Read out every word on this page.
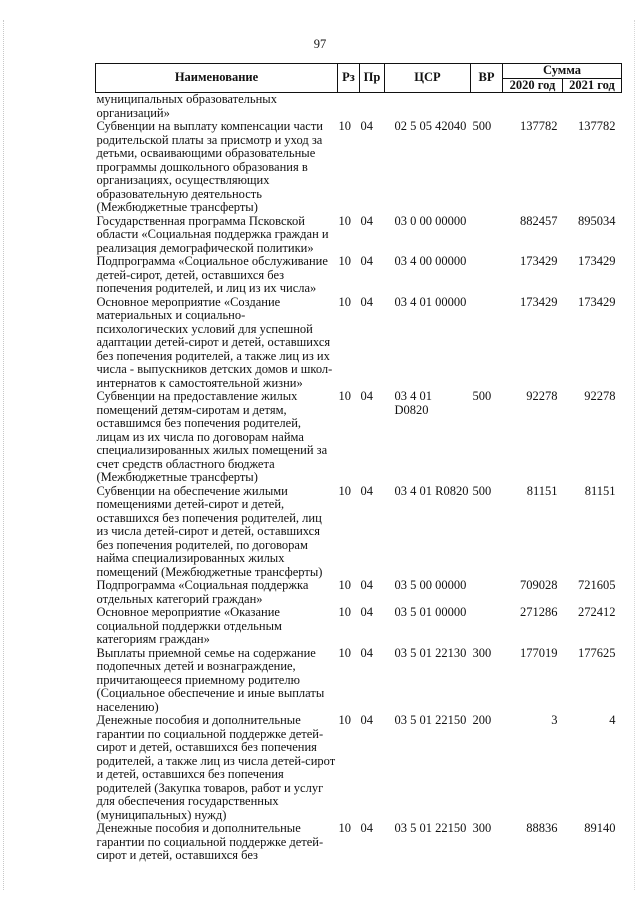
97
Наименование	Рз	Пр	ЦСР	ВР	Сумма	
					2020 год	2021 год
муниципальных образовательных организаций»						
Субвенции на выплату компенсации части родительской платы за присмотр и уход за детьми, осваивающими образовательные программы дошкольного образования в организациях, осуществляющих образовательную деятельность (Межбюджетные трансферты)	10	04	02 5 05 42040	500	137782	137782
Государственная программа Псковской области «Социальная поддержка граждан и реализация демографической политики»	10	04	03 0 00 00000		882457	895034
Подпрограмма «Социальное обслуживание детей-сирот, детей, оставшихся без попечения родителей, и лиц из их числа»	10	04	03 4 00 00000		173429	173429
Основное мероприятие «Создание материальных и социально-психологических условий для успешной адаптации детей-сирот и детей, оставшихся без попечения родителей, а также лиц из их числа - выпускников детских домов и школ-интернатов к самостоятельной жизни»	10	04	03 4 01 00000		173429	173429
Субвенции на предоставление жилых помещений детям-сиротам и детям, оставшимся без попечения родителей, лицам из их числа по договорам найма специализированных жилых помещений за счет средств областного бюджета (Межбюджетные трансферты)	10	04	03 4 01 D0820	500	92278	92278
Субвенции на обеспечение жилыми помещениями детей-сирот и детей, оставшихся без попечения родителей, лиц из числа детей-сирот и детей, оставшихся без попечения родителей, по договорам найма специализированных жилых помещений (Межбюджетные трансферты)	10	04	03 4 01 R0820	500	81151	81151
Подпрограмма «Социальная поддержка отдельных категорий граждан»	10	04	03 5 00 00000		709028	721605
Основное мероприятие «Оказание социальной поддержки отдельным категориям граждан»	10	04	03 5 01 00000		271286	272412
Выплаты приемной семье на содержание подопечных детей и вознаграждение, причитающееся приемному родителю (Социальное обеспечение и иные выплаты населению)	10	04	03 5 01 22130	300	177019	177625
Денежные пособия и дополнительные гарантии по социальной поддержке детей-сирот и детей, оставшихся без попечения родителей, а также лиц из числа детей-сирот и детей, оставшихся без попечения родителей (Закупка товаров, работ и услуг для обеспечения государственных (муниципальных) нужд)	10	04	03 5 01 22150	200	3	4
Денежные пособия и дополнительные гарантии по социальной поддержке детей-сирот и детей, оставшихся без	10	04	03 5 01 22150	300	88836	89140
